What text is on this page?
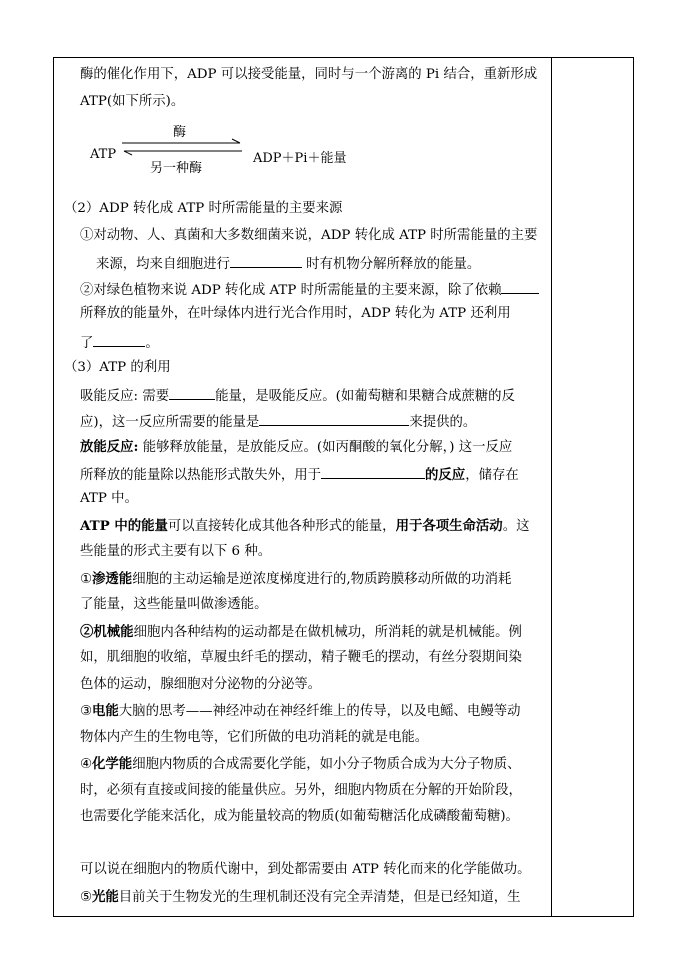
酶的催化作用下，ADP 可以接受能量，同时与一个游离的 Pi 结合，重新形成
ATP(如下所示)。
ATP
酶
另一种酶
ADP＋Pi＋能量
（2）ADP 转化成 ATP 时所需能量的主要来源
①对动物、人、真菌和大多数细菌来说，ADP 转化成 ATP 时所需能量的主要
来源，均来自细胞进行	时有机物分解所释放的能量。
②对绿色植物来说 ADP 转化成 ATP 时所需能量的主要来源，除了依赖
所释放的能量外，在叶绿体内进行光合作用时，ADP 转化为 ATP 还利用
了	。
（3）ATP 的利用
吸能反应: 需要	能量，是吸能反应。(如葡萄糖和果糖合成蔗糖的反
应)，这一反应所需要的能量是	来提供的。
放能反应: 能够释放能量，是放能反应。(如丙酮酸的氧化分解，) 这一反应
所释放的能量除以热能形式散失外，用于	的反应，储存在
ATP 中。
ATP 中的能量可以直接转化成其他各种形式的能量，用于各项生命活动。这
些能量的形式主要有以下 6 种。
①渗透能细胞的主动运输是逆浓度梯度进行的,物质跨膜移动所做的功消耗
了能量，这些能量叫做渗透能。
②机械能细胞内各种结构的运动都是在做机械功，所消耗的就是机械能。例
如，肌细胞的收缩，草履虫纤毛的摆动，精子鞭毛的摆动，有丝分裂期间染
色体的运动，腺细胞对分泌物的分泌等。
③电能大脑的思考——神经冲动在神经纤维上的传导，以及电鳐、电鳗等动
物体内产生的生物电等，它们所做的电功消耗的就是电能。
④化学能细胞内物质的合成需要化学能，如小分子物质合成为大分子物质、
时，必须有直接或间接的能量供应。另外，细胞内物质在分解的开始阶段，
也需要化学能来活化，成为能量较高的物质(如葡萄糖活化成磷酸葡萄糖)。
可以说在细胞内的物质代谢中，到处都需要由 ATP 转化而来的化学能做功。
⑤光能目前关于生物发光的生理机制还没有完全弄清楚，但是已经知道，生
